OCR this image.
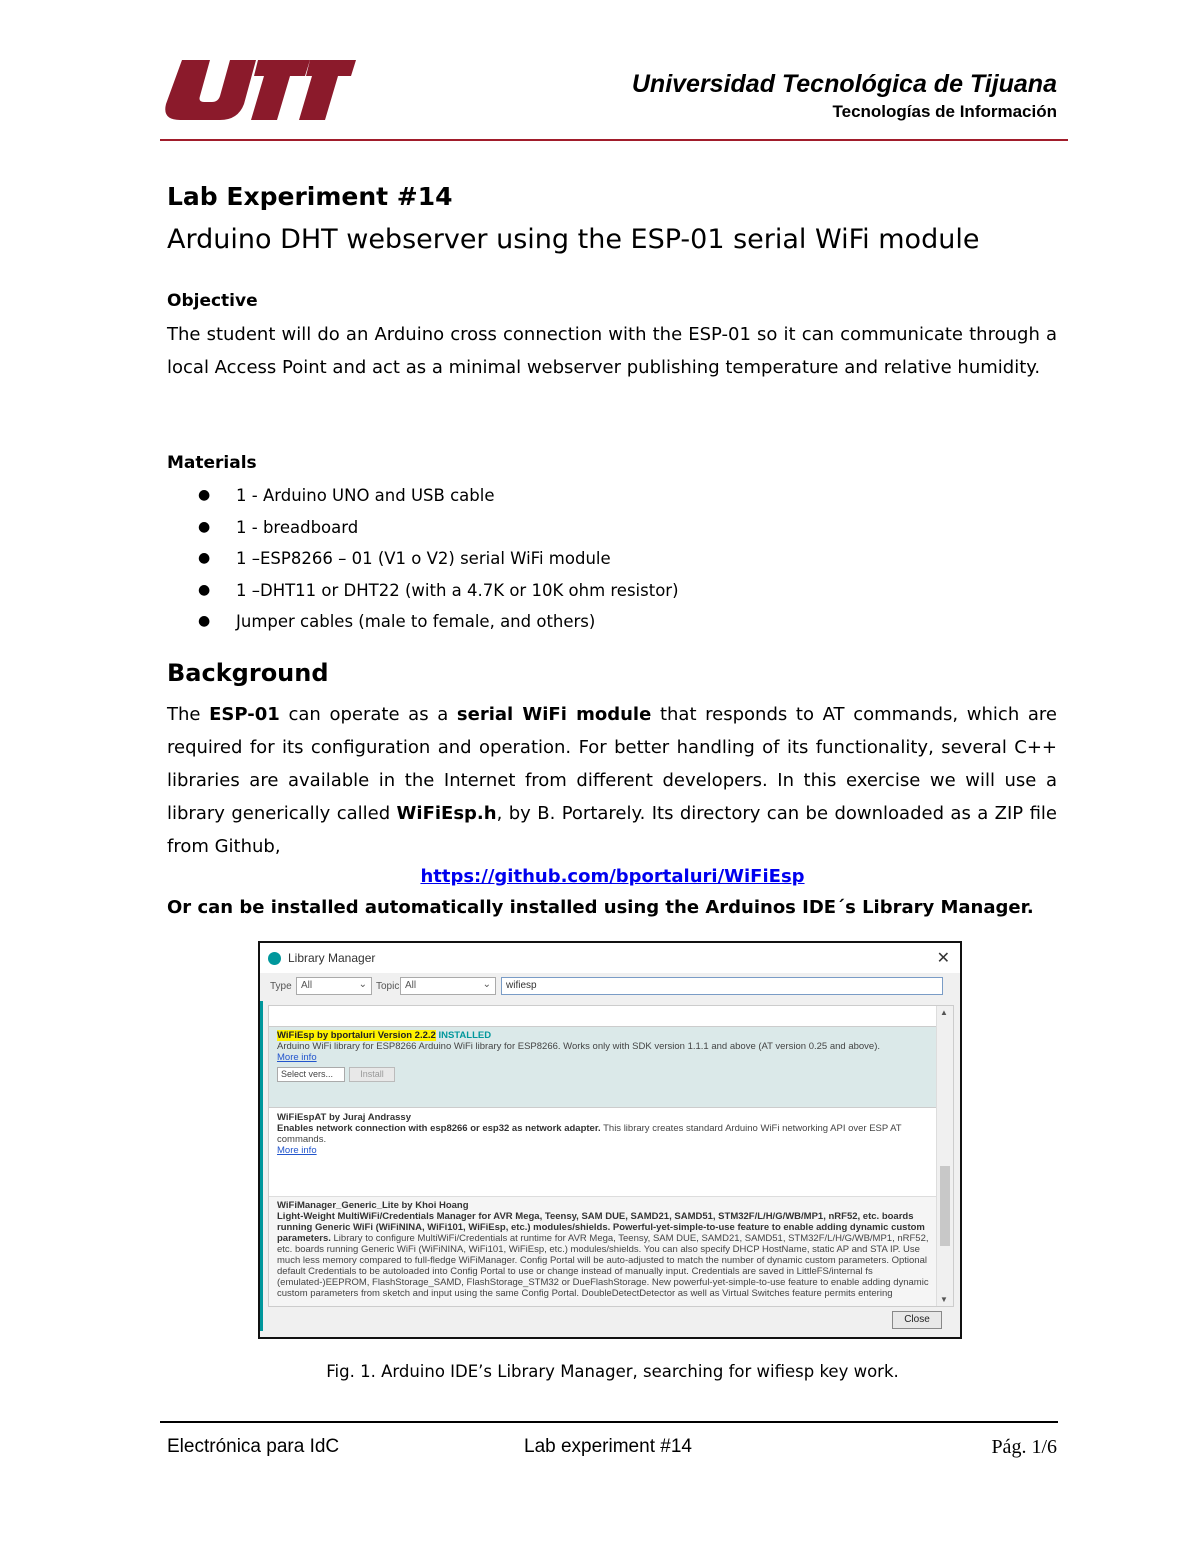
Universidad Tecnológica de Tijuana
Tecnologías de Información
Lab Experiment #14
Arduino DHT webserver using the ESP-01 serial WiFi module
Objective
The student will do an Arduino cross connection with the ESP-01 so it can communicate through a local Access Point and act as a minimal webserver publishing temperature and relative humidity.
Materials
● 1 - Arduino UNO and USB cable
● 1 - breadboard
● 1 –ESP8266 – 01 (V1 o V2) serial WiFi module
● 1 –DHT11 or DHT22 (with a 4.7K or 10K ohm resistor)
● Jumper cables (male to female, and others)
Background
The ESP-01 can operate as a serial WiFi module that responds to AT commands, which are required for its configuration and operation. For better handling of its functionality, several C++ libraries are available in the Internet from different developers. In this exercise we will use a library generically called WiFiEsp.h, by B. Portarely. Its directory can be downloaded as a ZIP file from Github,
https://github.com/bportaluri/WiFiEsp
Or can be installed automatically installed using the Arduinos IDE´s Library Manager.
Library Manager	✕
Type All	⌄ Topic All	⌄	wifiesp
WiFiEsp by bportaluri Version 2.2.2 INSTALLED
Arduino WiFi library for ESP8266 Arduino WiFi library for ESP8266. Works only with SDK version 1.1.1 and above (AT version 0.25 and above).
More info
Select vers...	Install
WiFiEspAT by Juraj Andrassy
Enables network connection with esp8266 or esp32 as network adapter. This library creates standard Arduino WiFi networking API over ESP AT commands.
More info
WiFiManager_Generic_Lite by Khoi Hoang
Light-Weight MultiWiFi/Credentials Manager for AVR Mega, Teensy, SAM DUE, SAMD21, SAMD51, STM32F/L/H/G/WB/MP1, nRF52, etc. boards running Generic WiFi (WiFiNINA, WiFi101, WiFiEsp, etc.) modules/shields. Powerful-yet-simple-to-use feature to enable adding dynamic custom parameters. Library to configure MultiWiFi/Credentials at runtime for AVR Mega, Teensy, SAM DUE, SAMD21, SAMD51, STM32F/L/H/G/WB/MP1, nRF52, etc. boards running Generic WiFi (WiFiNINA, WiFi101, WiFiEsp, etc.) modules/shields. You can also specify DHCP HostName, static AP and STA IP. Use much less memory compared to full-fledge WiFiManager. Config Portal will be auto-adjusted to match the number of dynamic custom parameters. Optional default Credentials to be autoloaded into Config Portal to use or change instead of manually input. Credentials are saved in LittleFS/internal fs (emulated-)EEPROM, FlashStorage_SAMD, FlashStorage_STM32 or DueFlashStorage. New powerful-yet-simple-to-use feature to enable adding dynamic custom parameters from sketch and input using the same Config Portal. DoubleDetectDetector as well as Virtual Switches feature permits entering
▲
▼
Close
Fig. 1. Arduino IDE’s Library Manager, searching for wifiesp key work.
Electrónica para IdC	Lab experiment #14	Pág. 1/6
